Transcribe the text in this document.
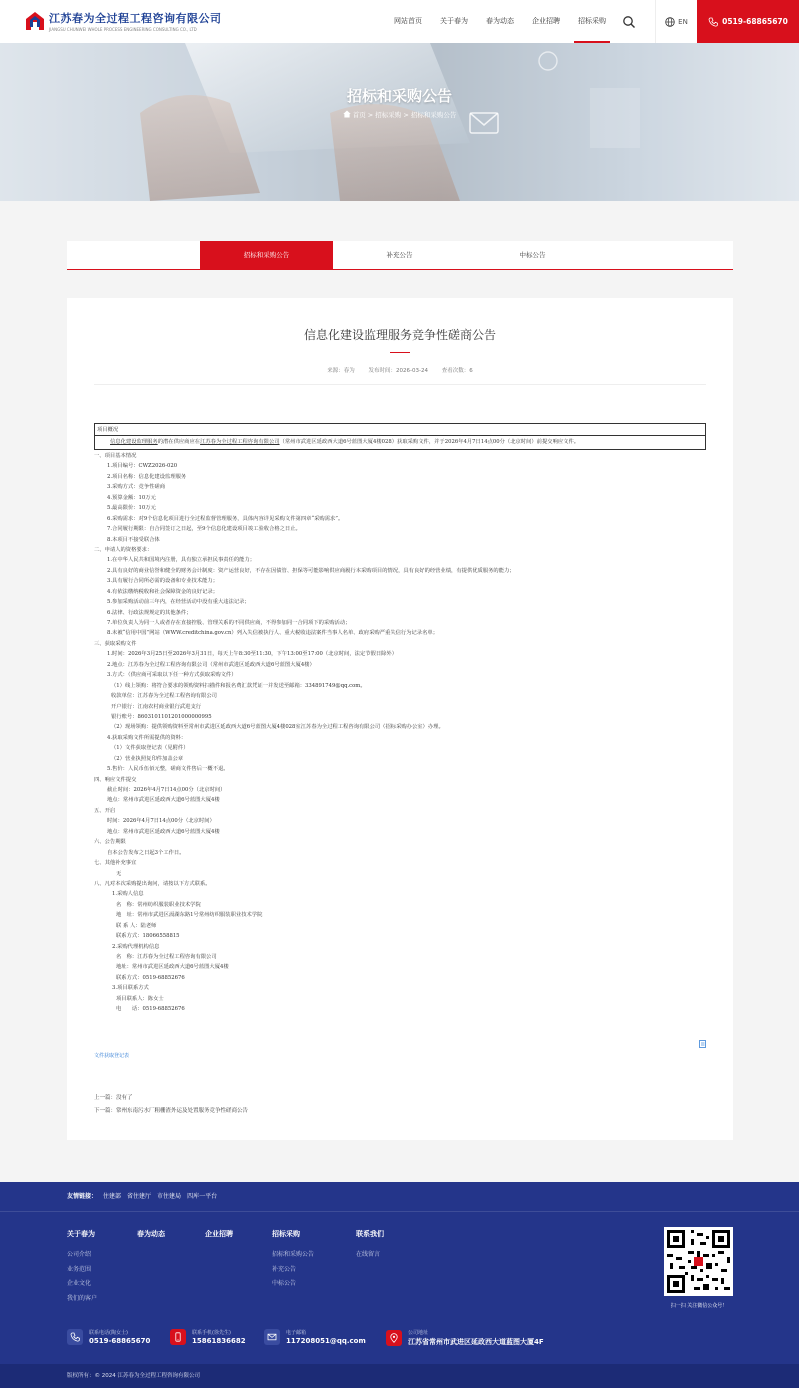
江苏春为全过程工程咨询有限公司
JIANGSU CHUNWEI WHOLE PROCESS ENGINEERING CONSULTING CO., LTD
网站首页	关于春为	春为动态	企业招聘	招标采购	EN	0519-68865670
招标和采购公告
首页 > 招标采购 > 招标和采购公告
招标和采购公告	补充公告	中标公告
信息化建设监理服务竞争性磋商公告
来源：春为	发布时间：2026-03-24	查看次数：6
项目概况
信息化建设监理服务的潜在供应商应在江苏春为全过程工程咨询有限公司（常州市武进区延政西大道6号蓝图大厦4楼028）获取采购文件，并于2026年4月7日14点00分（北京时间）前提交响应文件。
一、项目基本情况
1.项目编号：CWZ2026-020
2.项目名称：信息化建设监理服务
3.采购方式：竞争性磋商
4.预算金额：10万元
5.最高限价：10万元
6.采购需求：对9个信息化项目进行全过程监督管理服务，具体内容详见采购文件第四章“采购需求”。
7.合同履行期限：自合同签订之日起，至9个信息化建设项目竣工验收合格之日止。
8.本项目不接受联合体
二、申请人的资格要求：
1.在中华人民共和国境内注册，具有独立承担民事责任的能力；
2.具有良好的商业信誉和健全的财务会计制度：资产运营良好，不存在因债管、担保等可能影响供应商履行本采购项目的情况，具有良好的经营业绩，有提供优质服务的能力；
3.具有履行合同所必需的设备和专业技术能力；
4.有依法缴纳税收和社会保障资金的良好记录；
5.参加采购活动前三年内，在经营活动中没有重大违法记录；
6.法律、行政法规规定的其他条件；
7.单位负责人为同一人或者存在直接控股、管理关系的不同供应商，不得参加同一合同项下的采购活动；
8.未被“信用中国”网站（WWW.creditchina.gov.cn）列入失信被执行人、重大税收违法案件当事人名单、政府采购严重失信行为记录名单；
三、获取采购文件
1.时间：2026年3月25日至2026年3月31日，每天上午8:30至11:30，下午13:00至17:00（北京时间，法定节假日除外）
2.地点：江苏春为全过程工程咨询有限公司（常州市武进区延政西大道6号蓝图大厦4楼）
3.方式：（供应商可采取以下任一种方式获取采购文件）
（1）线上领购：将符合要求的领购资料扫描件和报名费汇款凭证一并发送至邮箱：334891749@qq.com。
收款单位：江苏春为全过程工程咨询有限公司
开户银行：江南农村商业银行武进支行
银行账号：8603101101201000000995
（2）现场领购：提供领购资料至常州市武进区延政西大道6号蓝图大厦4楼028室江苏春为全过程工程咨询有限公司（招标采购办公室）办理。
4.获取采购文件所需提供的资料：
（1）文件获取登记表（见附件）
（2）营业执照复印件加盖公章
5.售价：人民币伍佰元整，磋商文件售后一概不退。
四、响应文件提交
截止时间：2026年4月7日14点00分（北京时间）
地点：常州市武进区延政西大道6号蓝图大厦4楼
五、开启
时间：2026年4月7日14点00分（北京时间）
地点：常州市武进区延政西大道6号蓝图大厦4楼
六、公告期限
自本公告发布之日起3个工作日。
七、其他补充事宜
无
八、凡对本次采购提出询问，请按以下方式联系。
1.采购人信息
名　称：常州纺织服装职业技术学院
地　址：常州市武进区滆湖东路1号常州纺织服装职业技术学院
联 系 人：陆老师
联系方式：18066558815
2.采购代理机构信息
名　称：江苏春为全过程工程咨询有限公司
地址：常州市武进区延政西大道6号蓝图大厦4楼
联系方式：0519-68852676
3.项目联系方式
项目联系人：陈女士
电　　话：0519-68852676
文件获取登记表
上一篇：没有了
下一篇：常州东南污水厂粗栅渣外运及处置服务竞争性磋商公告
友情链接： 住建部 省住建厅 市住建局 四库一平台
关于春为
公司介绍
业务范围
企业文化
我们的客户
春为动态	企业招聘	招标采购
招标和采购公告
补充公告
中标公告
联系我们
在线留言
扫一扫 关注微信公众号！
联系电话(陶女士)
0519-68865670
联系手机(徐先生)
15861836682
电子邮箱
117208051@qq.com
公司地址
江苏省常州市武进区延政西大道蓝图大厦4F
版权所有：© 2024 江苏春为全过程工程咨询有限公司
